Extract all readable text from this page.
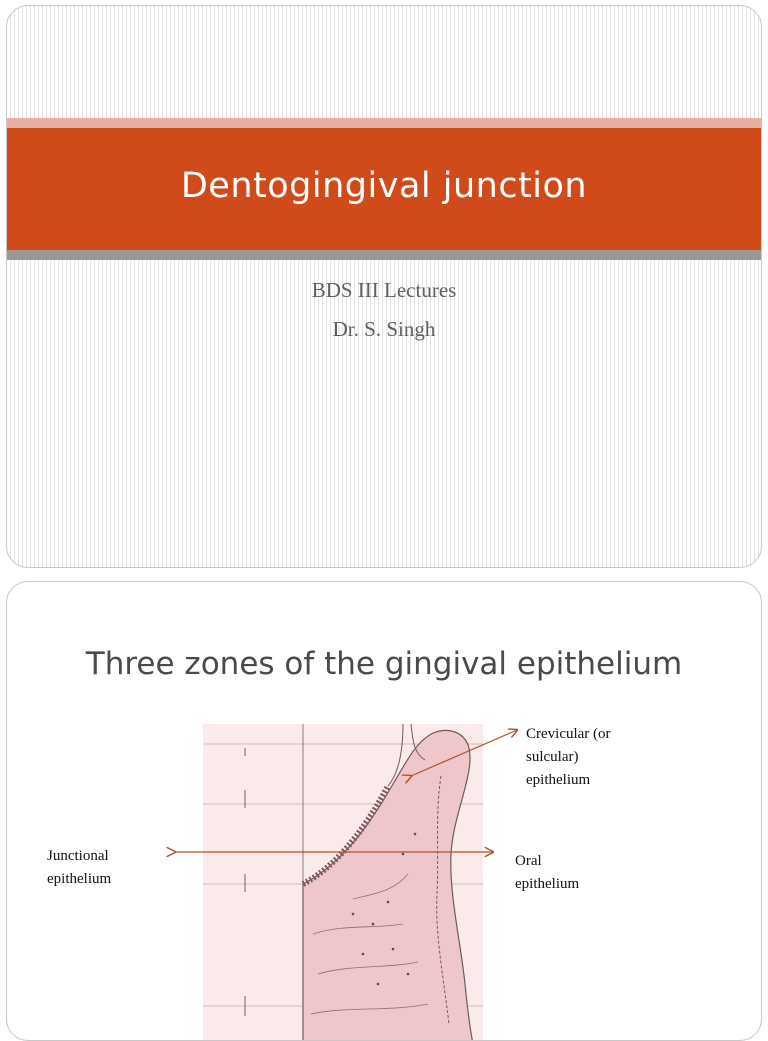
Dentogingival junction
BDS III Lectures
Dr. S. Singh
Three zones of the gingival epithelium
Crevicular (or
sulcular)
epithelium
Junctional
epithelium
Oral
epithelium
